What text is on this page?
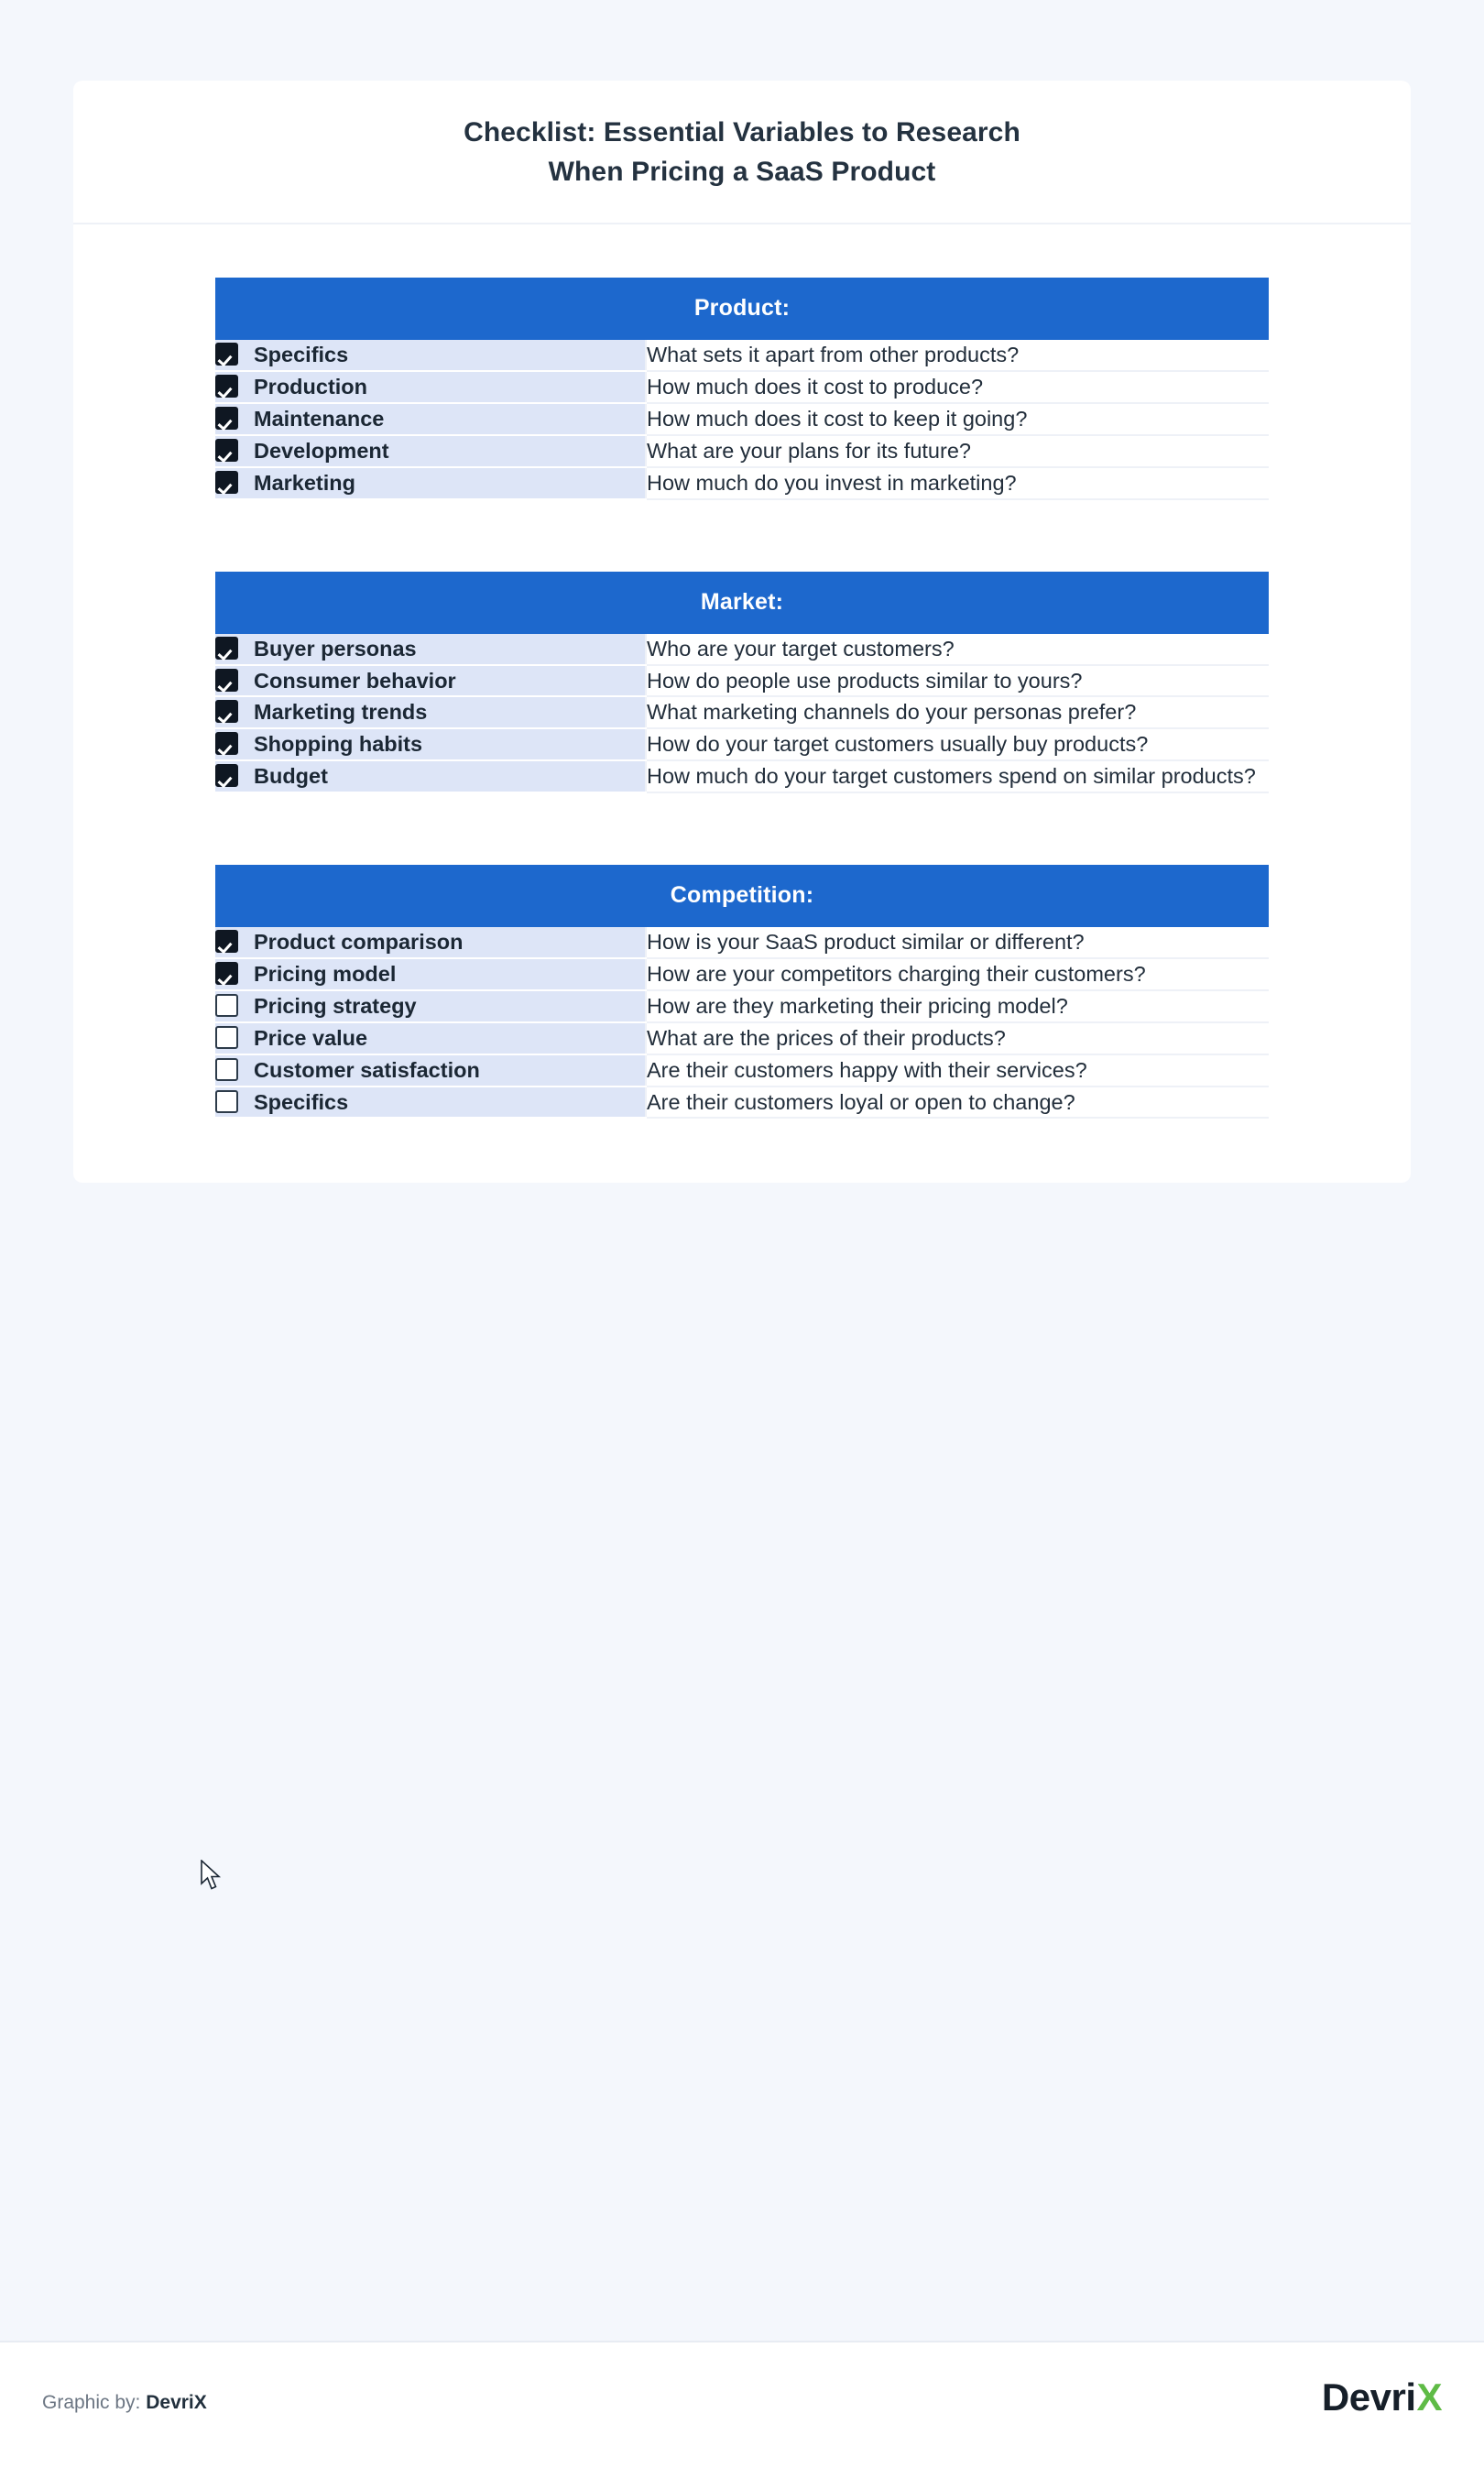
Checklist: Essential Variables to Research
When Pricing a SaaS Product
Product:
Specifics	What sets it apart from other products?

Production	How much does it cost to produce?

Maintenance	How much does it cost to keep it going?

Development	What are your plans for its future?

Marketing	How much do you invest in marketing?
Market:
Buyer personas	Who are your target customers?

Consumer behavior	How do people use products similar to yours?

Marketing trends	What marketing channels do your personas prefer?

Shopping habits	How do your target customers usually buy products?

Budget	How much do your target customers spend on similar products?
Competition:
Product comparison	How is your SaaS product similar or different?

Pricing model	How are your competitors charging their customers?

Pricing strategy	How are they marketing their pricing model?

Price value	What are the prices of their products?

Customer satisfaction	Are their customers happy with their services?

Specifics	Are their customers loyal or open to change?
Graphic by: DevriX	Devri X
